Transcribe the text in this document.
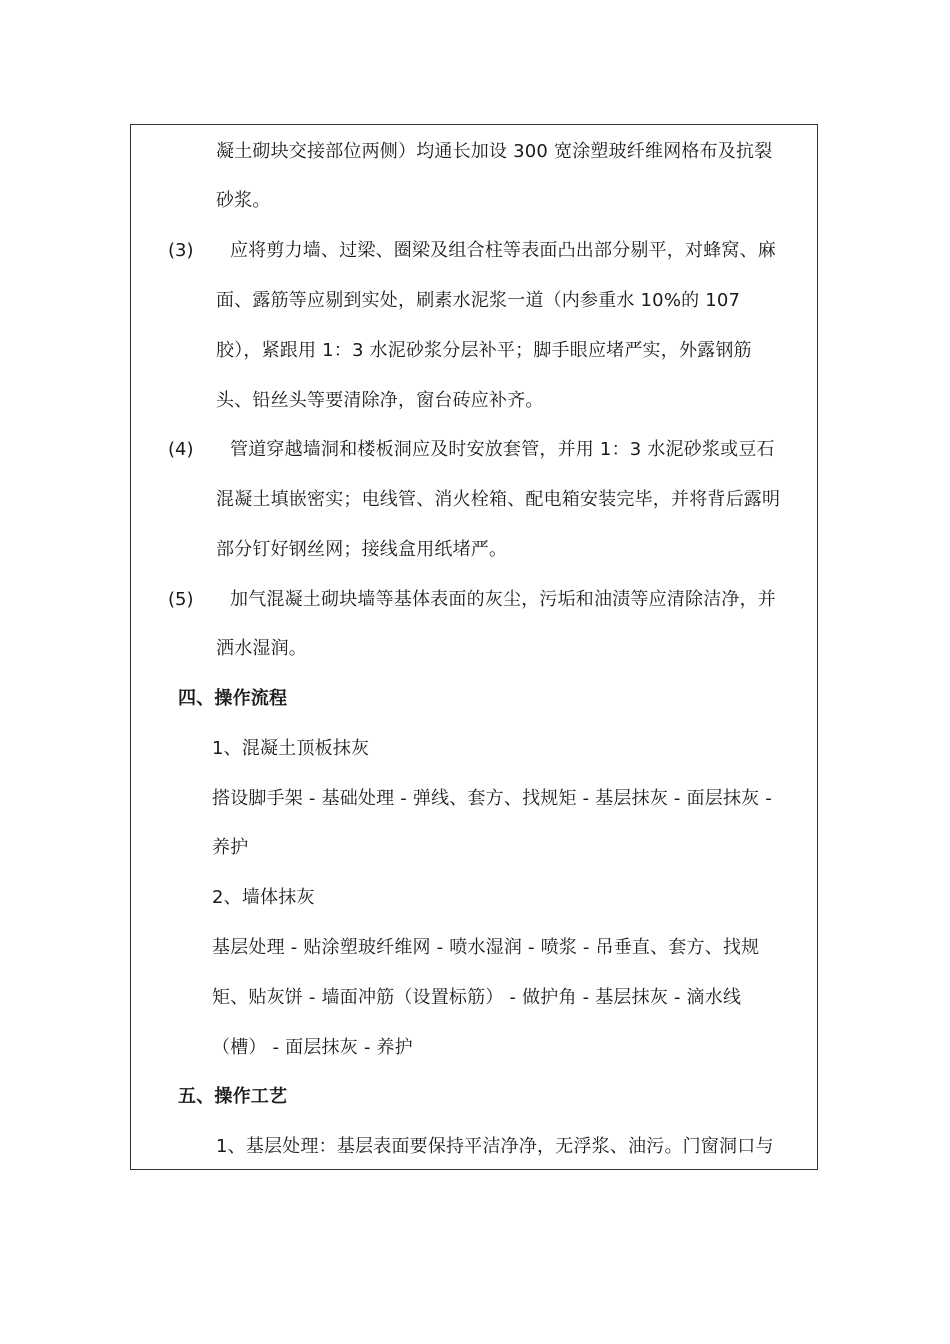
凝土砌块交接部位两侧）均通长加设 300 宽涂塑玻纤维网格布及抗裂
砂浆。
(3) 应将剪力墙、过梁、圈梁及组合柱等表面凸出部分剔平，对蜂窝、麻
面、露筋等应剔到实处，刷素水泥浆一道（内参重水 10%的 107
胶），紧跟用 1：3 水泥砂浆分层补平；脚手眼应堵严实，外露钢筋
头、铅丝头等要清除净，窗台砖应补齐。
(4) 管道穿越墙洞和楼板洞应及时安放套管，并用 1：3 水泥砂浆或豆石
混凝土填嵌密实；电线管、消火栓箱、配电箱安装完毕，并将背后露明
部分钉好钢丝网；接线盒用纸堵严。
(5) 加气混凝土砌块墙等基体表面的灰尘，污垢和油渍等应清除洁净，并
洒水湿润。
四、操作流程
1、混凝土顶板抹灰
搭设脚手架 - 基础处理 - 弹线、套方、找规矩 - 基层抹灰 - 面层抹灰 -
养护
2、墙体抹灰
基层处理 - 贴涂塑玻纤维网 - 喷水湿润 - 喷浆 - 吊垂直、套方、找规
矩、贴灰饼 - 墙面冲筋（设置标筋） - 做护角 - 基层抹灰 - 滴水线
（槽） - 面层抹灰 - 养护
五、操作工艺
1、基层处理：基层表面要保持平洁净净，无浮浆、油污。门窗洞口与
